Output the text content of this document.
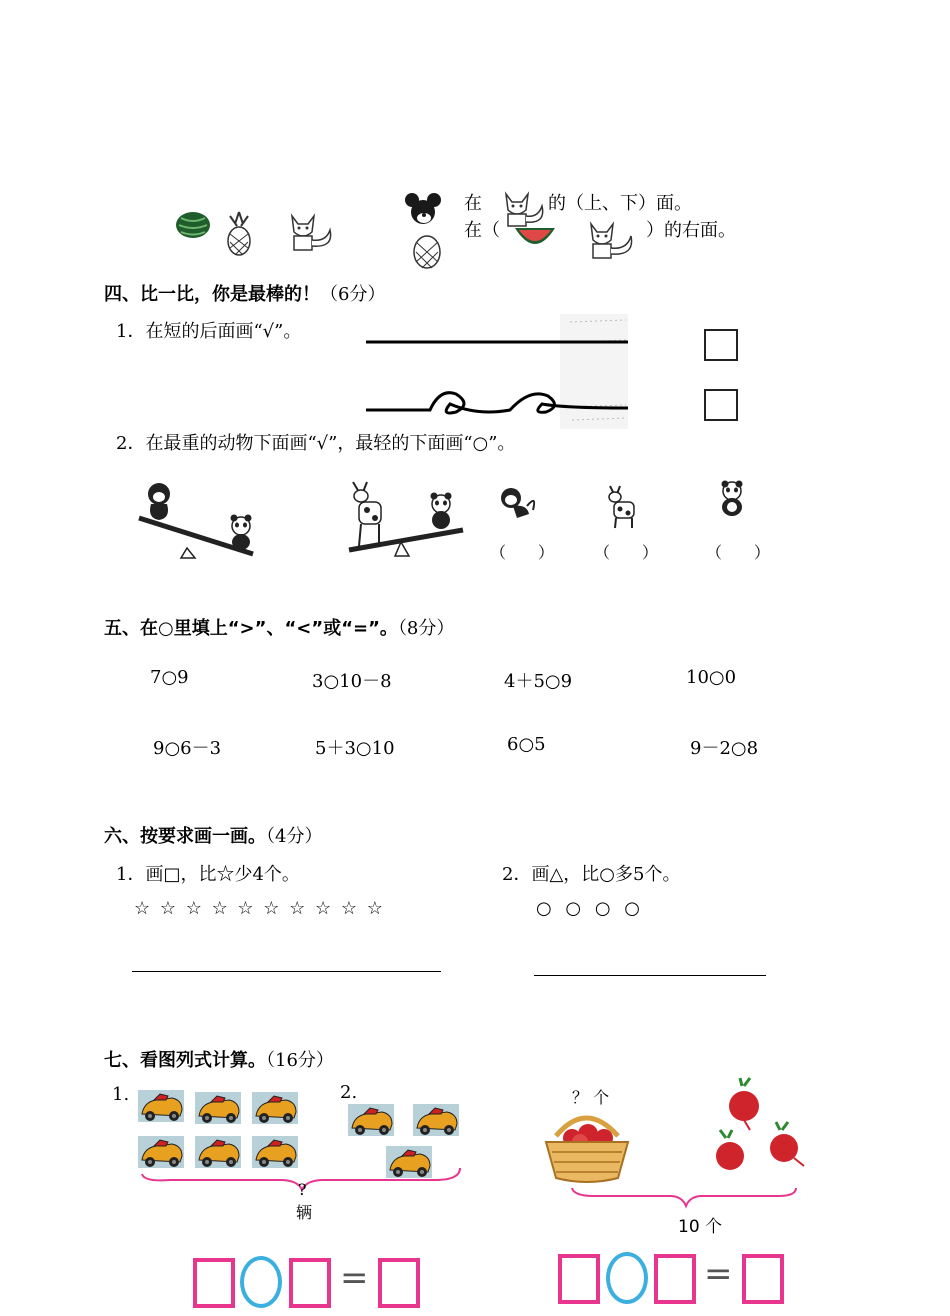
在	的（上、下）面。
在（	）的右面。
四、比一比，你是最棒的！（6分）
1．在短的后面画“√”。
2．在最重的动物下面画“√”，最轻的下面画“○”。
（　　） （　　）	（　　）
五、在○里填上“>”、“<”或“=”。（8分）
7○9	3○10－8	4＋5○9	10○0
9○6－3	5＋3○10	6○5	9－2○8
六、按要求画一画。（4分）
1．画□，比☆少4个。	2．画△，比○多5个。
☆ ☆ ☆ ☆ ☆ ☆ ☆ ☆ ☆ ☆	○ ○ ○ ○
七、看图列式计算。（16分）
1.	2.
?
辆
？ 个
10 个
=	=
